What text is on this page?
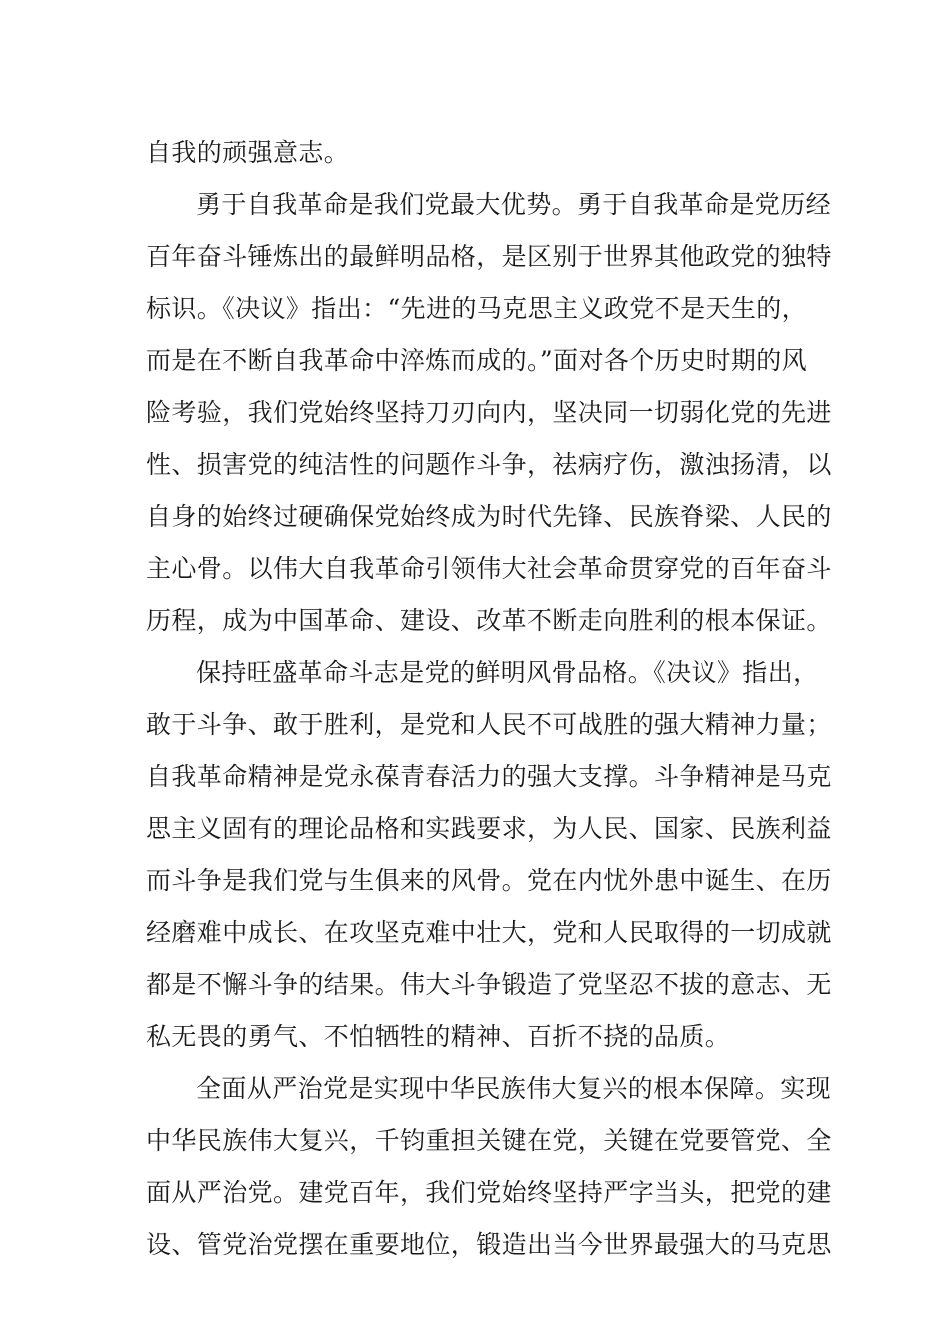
自我的顽强意志。
勇于自我革命是我们党最大优势。勇于自我革命是党历经
百年奋斗锤炼出的最鲜明品格，是区别于世界其他政党的独特
标识。《决议》指出：“先进的马克思主义政党不是天生的，
而是在不断自我革命中淬炼而成的。”面对各个历史时期的风
险考验，我们党始终坚持刀刃向内，坚决同一切弱化党的先进
性、损害党的纯洁性的问题作斗争，祛病疗伤，激浊扬清，以
自身的始终过硬确保党始终成为时代先锋、民族脊梁、人民的
主心骨。以伟大自我革命引领伟大社会革命贯穿党的百年奋斗
历程，成为中国革命、建设、改革不断走向胜利的根本保证。
保持旺盛革命斗志是党的鲜明风骨品格。《决议》指出，
敢于斗争、敢于胜利，是党和人民不可战胜的强大精神力量；
自我革命精神是党永葆青春活力的强大支撑。斗争精神是马克
思主义固有的理论品格和实践要求，为人民、国家、民族利益
而斗争是我们党与生俱来的风骨。党在内忧外患中诞生、在历
经磨难中成长、在攻坚克难中壮大，党和人民取得的一切成就
都是不懈斗争的结果。伟大斗争锻造了党坚忍不拔的意志、无
私无畏的勇气、不怕牺牲的精神、百折不挠的品质。
全面从严治党是实现中华民族伟大复兴的根本保障。实现
中华民族伟大复兴，千钧重担关键在党，关键在党要管党、全
面从严治党。建党百年，我们党始终坚持严字当头，把党的建
设、管党治党摆在重要地位，锻造出当今世界最强大的马克思
